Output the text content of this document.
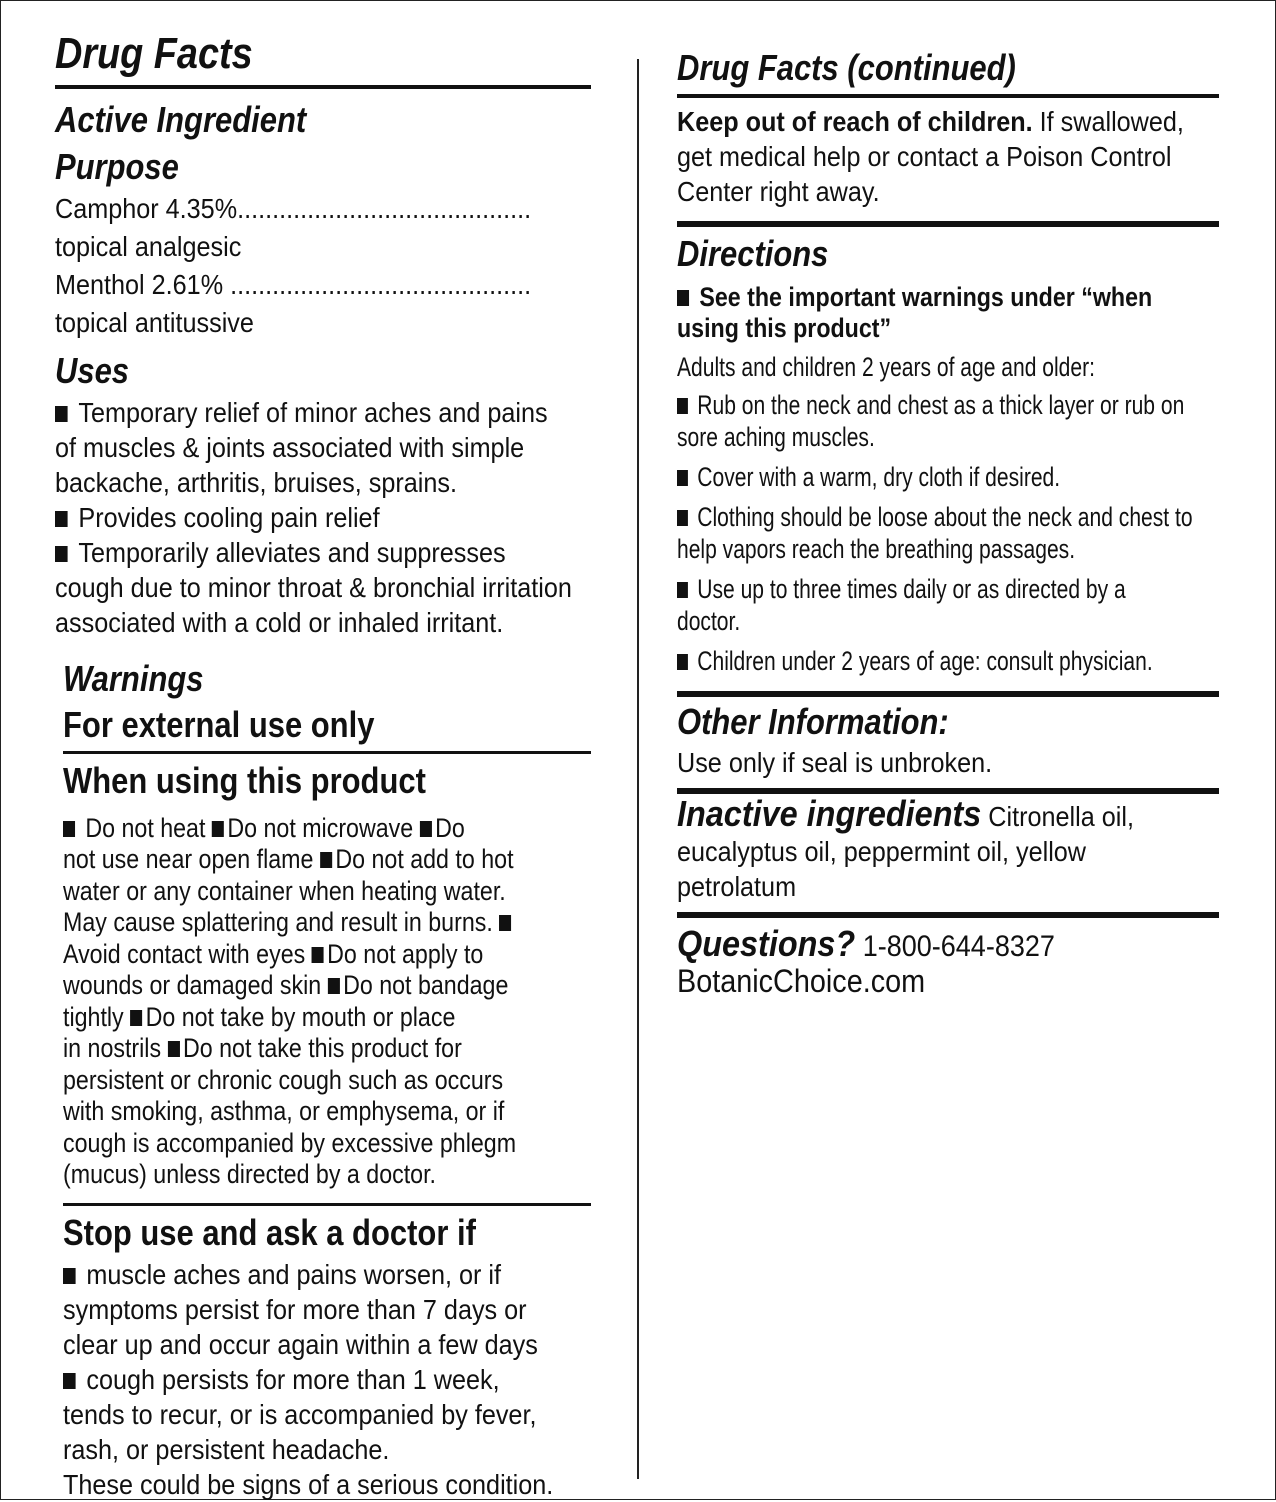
Drug Facts
Active Ingredient
Purpose
Camphor 4.35%..........................................
topical analgesic
Menthol 2.61% ...........................................
topical antitussive
Uses
Temporary relief of minor aches and pains
of muscles & joints associated with simple
backache, arthritis, bruises, sprains.
Provides cooling pain relief
Temporarily alleviates and suppresses
cough due to minor throat & bronchial irritation
associated with a cold or inhaled irritant.
Warnings
For external use only
When using this product
Do not heat Do not microwave Do
not use near open flame Do not add to hot
water or any container when heating water.
May cause splattering and result in burns.
Avoid contact with eyes Do not apply to
wounds or damaged skin Do not bandage
tightly Do not take by mouth or place
in nostrils Do not take this product for
persistent or chronic cough such as occurs
with smoking, asthma, or emphysema, or if
cough is accompanied by excessive phlegm
(mucus) unless directed by a doctor.
Stop use and ask a doctor if
muscle aches and pains worsen, or if
symptoms persist for more than 7 days or
clear up and occur again within a few days
cough persists for more than 1 week,
tends to recur, or is accompanied by fever,
rash, or persistent headache.
These could be signs of a serious condition.
Drug Facts (continued)
Keep out of reach of children. If swallowed,
get medical help or contact a Poison Control
Center right away.
Directions
See the important warnings under “when
using this product”
Adults and children 2 years of age and older:
Rub on the neck and chest as a thick layer or rub on
sore aching muscles.
Cover with a warm, dry cloth if desired.
Clothing should be loose about the neck and chest to
help vapors reach the breathing passages.
Use up to three times daily or as directed by a
doctor.
Children under 2 years of age: consult physician.
Other Information:
Use only if seal is unbroken.
Inactive ingredients Citronella oil,
eucalyptus oil, peppermint oil, yellow
petrolatum
Questions? 1-800-644-8327
BotanicChoice.com
